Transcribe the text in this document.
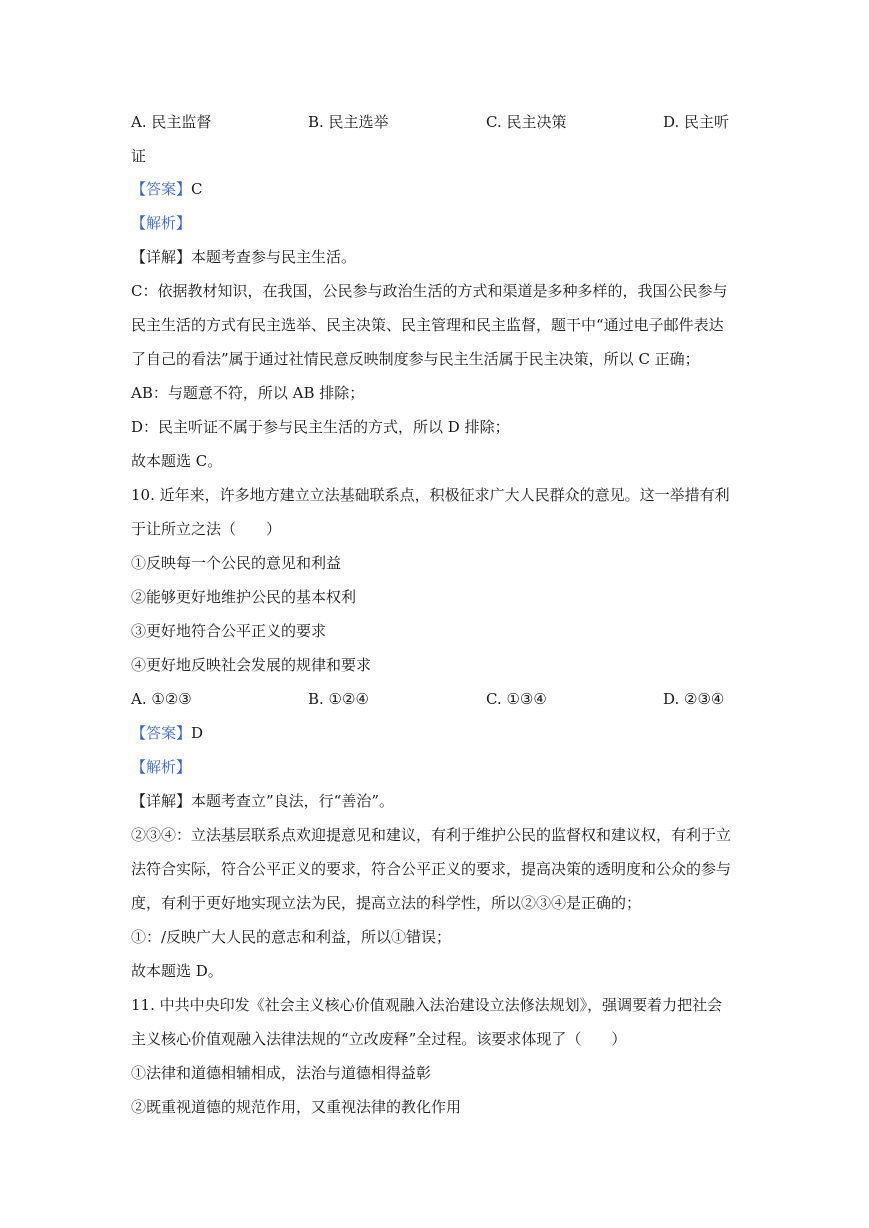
A. 民主监督	B. 民主选举	C. 民主决策	D. 民主听
证
【答案】C
【解析】
【详解】本题考查参与民主生活。
C：依据教材知识，在我国，公民参与政治生活的方式和渠道是多种多样的，我国公民参与
民主生活的方式有民主选举、民主决策、民主管理和民主监督，题干中“通过电子邮件表达
了自己的看法”属于通过社情民意反映制度参与民主生活属于民主决策，所以 C 正确；
AB：与题意不符，所以 AB 排除；
D：民主听证不属于参与民主生活的方式，所以 D 排除；
故本题选 C。
10. 近年来，许多地方建立立法基础联系点，积极征求广大人民群众的意见。这一举措有利
于让所立之法（　　）
①反映每一个公民的意见和利益
②能够更好地维护公民的基本权利
③更好地符合公平正义的要求
④更好地反映社会发展的规律和要求
A. ①②③	B. ①②④	C. ①③④	D. ②③④
【答案】D
【解析】
【详解】本题考查立”良法，行“善治”。
②③④：立法基层联系点欢迎提意见和建议，有利于维护公民的监督权和建议权，有利于立
法符合实际，符合公平正义的要求，符合公平正义的要求，提高决策的透明度和公众的参与
度，有利于更好地实现立法为民，提高立法的科学性，所以②③④是正确的；
①：/反映广大人民的意志和利益，所以①错误；
故本题选 D。
11. 中共中央印发《社会主义核心价值观融入法治建设立法修法规划》，强调要着力把社会
主义核心价值观融入法律法规的“立改废释”全过程。该要求体现了（　　）
①法律和道德相辅相成，法治与道德相得益彰
②既重视道德的规范作用，又重视法律的教化作用
